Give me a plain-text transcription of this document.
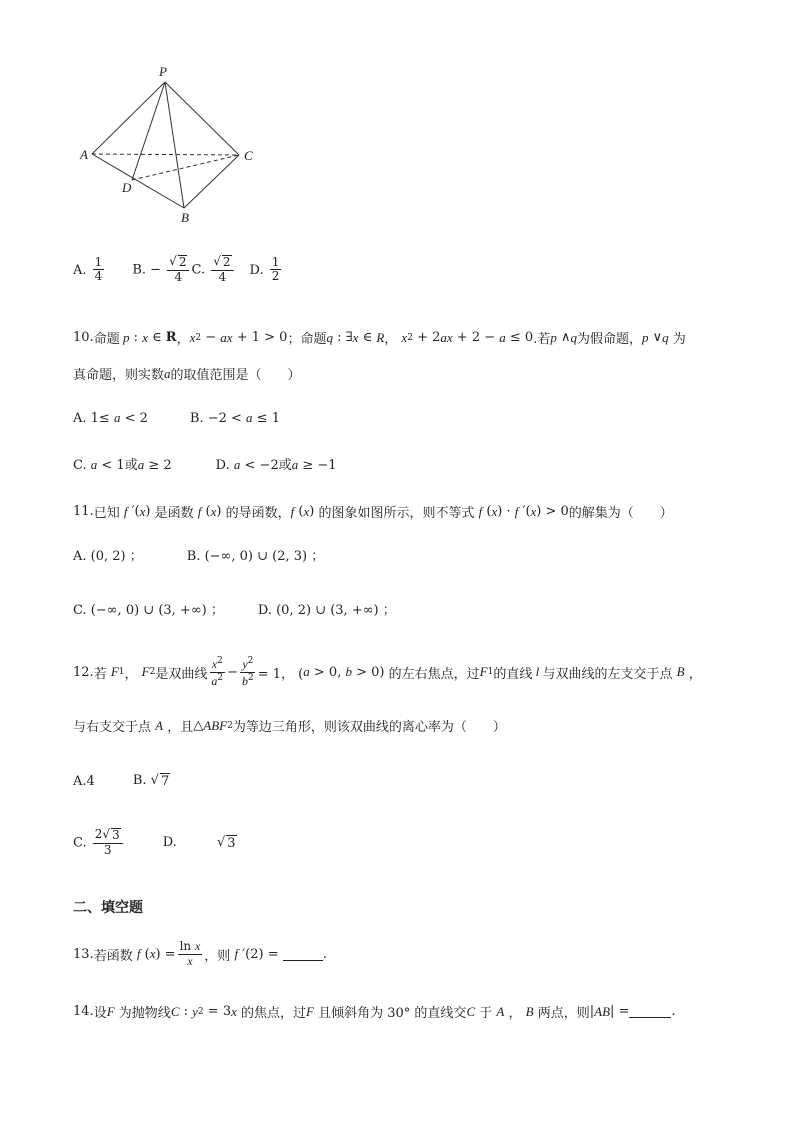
P
A	C
D
B
A. $\frac{1}{4} B$. − $\frac{√ 2}{4} C$. $\frac{√ 2}{4} D$. $\frac{1}{2}$
10. 命题 p : x ∈ R ， x 2 − ax + 1 > 0 ；命题 q : ∃ x ∈ R ， x 2 + 2 ax + 2 − a ≤ 0 .若 p ∧ q 为假命题， p ∨ q
为
真命题，则实数 a 的取值范围是（　　）
A. 1≤ a < 2	B. −2 < a ≤ 1
C. a < 1或a ≥ 2	D. a < −2或a ≥ −1
11. 已知
f ′( x ) 是函数
f ( x ) 的导函数， f ( x ) 的图象如图所示，则不等式
f ( x ) · f ′( x ) > 0 的解集为（　　）
A. (0, 2) ；	B. (−∞, 0) ∪ (2, 3) ；
C. (−∞, 0) ∪ (3, +∞) ；	D. (0, 2) ∪ (3, +∞) ；
12. 若
F 1 ， F 2 是双曲线 $\frac{x^2}{a^2} - \frac{y^2}{b^2} = 1$， ( a > 0, b > 0) 的左右焦点，过 F 1 的直线 l 与双曲线的左支交于点
B ，
与右支交于点
A
，且 △ ABF 2 为等边三角形，则该双曲线的离心率为（　　）
A.4	B. √ 7
C. $\frac{2√ 3}{3}$	D.	√ 3
二、填空题
13. 若函数
f ( x ) = $\frac{\text{ln x}}{x}$ ，则
f ′(2) =	.
14. 设 F
为抛物线 C : y 2 = 3 x
的焦点，过 F
且倾斜角为 30° 的直线交 C
于
A ， B
两点，则 | AB | =	.
